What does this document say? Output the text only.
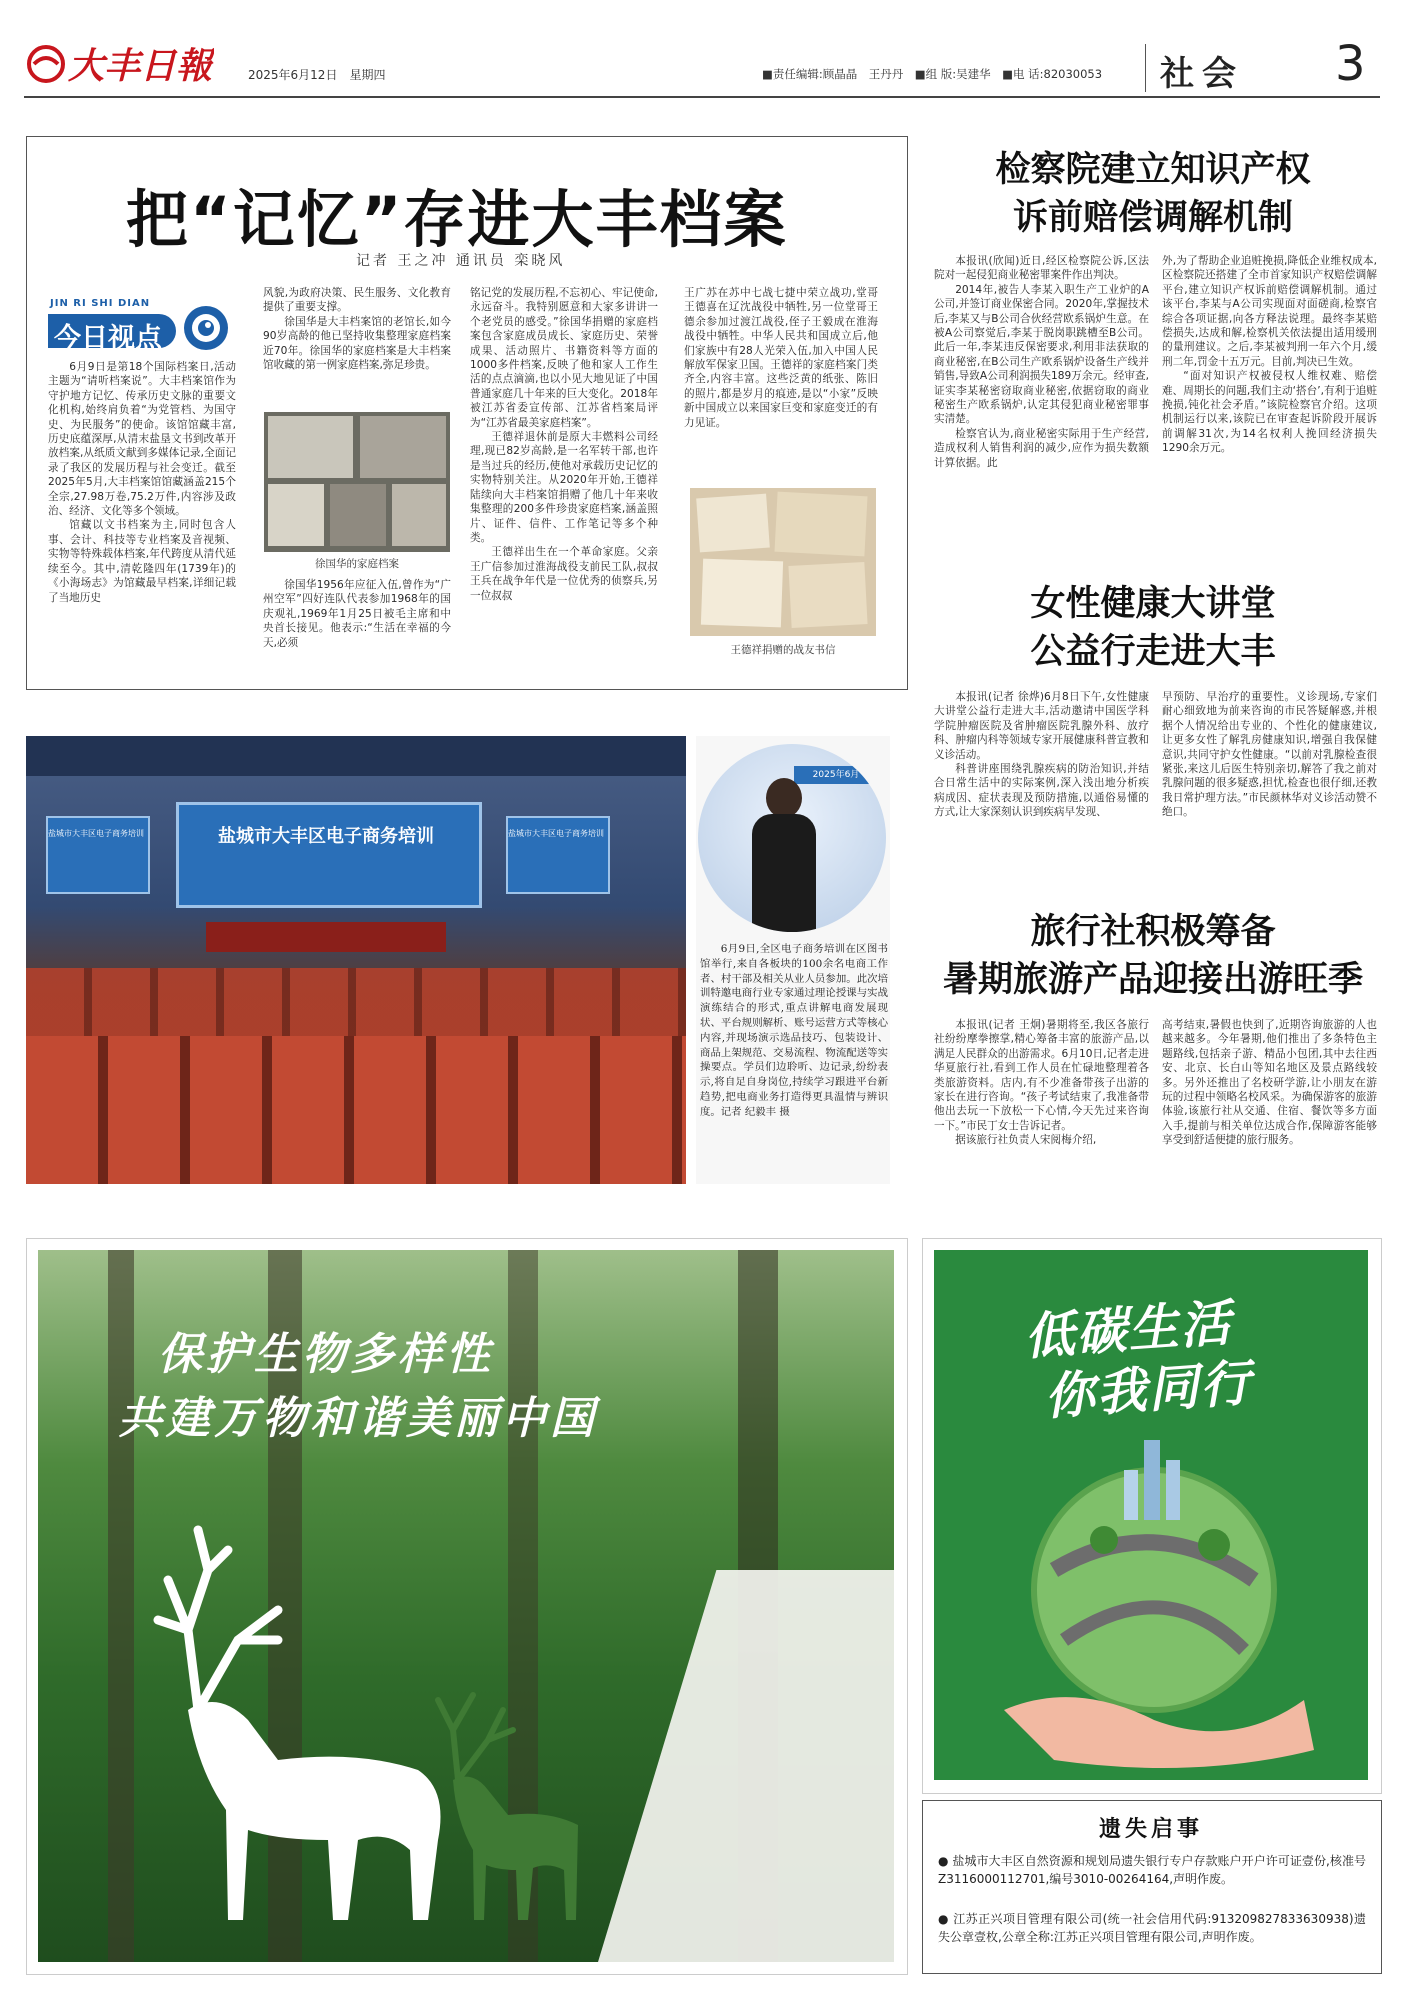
大丰日報	2025年6月12日　星期四	■责任编辑:顾晶晶　王丹丹　■组 版:吴建华　■电 话:82030053 社会 3
把“记忆”存进大丰档案
记者 王之冲 通讯员 栾晓风
JIN RI SHI DIAN
今日视点

6月9日是第18个国际档案日,活动主题为“请听档案说”。大丰档案馆作为守护地方记忆、传承历史文脉的重要文化机构,始终肩负着“为党管档、为国守史、为民服务”的使命。该馆馆藏丰富,历史底蕴深厚,从清末盐垦文书到改革开放档案,从纸质文献到多媒体记录,全面记录了我区的发展历程与社会变迁。截至2025年5月,大丰档案馆馆藏涵盖215个全宗,27.98万卷,75.2万件,内容涉及政治、经济、文化等多个领域。

馆藏以文书档案为主,同时包含人事、会计、科技等专业档案及音视频、实物等特殊载体档案,年代跨度从清代延续至今。其中,清乾隆四年(1739年)的《小海场志》为馆藏最早档案,详细记载了当地历史

风貌,为政府决策、民生服务、文化教育提供了重要支撑。

徐国华是大丰档案馆的老馆长,如今90岁高龄的他已坚持收集整理家庭档案近70年。徐国华的家庭档案是大丰档案馆收藏的第一例家庭档案,弥足珍贵。

徐国华的家庭档案

徐国华1956年应征入伍,曾作为“广州空军”四好连队代表参加1968年的国庆观礼,1969年1月25日被毛主席和中央首长接见。他表示:“生活在幸福的今天,必须

铭记党的发展历程,不忘初心、牢记使命,永远奋斗。我特别愿意和大家多讲讲一个老党员的感受。”徐国华捐赠的家庭档案包含家庭成员成长、家庭历史、荣誉成果、活动照片、书籍资料等方面的1000多件档案,反映了他和家人工作生活的点点滴滴,也以小见大地见证了中国普通家庭几十年来的巨大变化。2018年被江苏省委宣传部、江苏省档案局评为“江苏省最美家庭档案”。

王德祥退休前是原大丰燃料公司经理,现已82岁高龄,是一名军转干部,也许是当过兵的经历,使他对承载历史记忆的实物特别关注。从2020年开始,王德祥陆续向大丰档案馆捐赠了他几十年来收集整理的200多件珍贵家庭档案,涵盖照片、证件、信件、工作笔记等多个种类。

王德祥出生在一个革命家庭。父亲王广信参加过淮海战役支前民工队,叔叔王兵在战争年代是一位优秀的侦察兵,另一位叔叔

王广苏在苏中七战七捷中荣立战功,堂哥王德喜在辽沈战役中牺牲,另一位堂哥王德余参加过渡江战役,侄子王毅成在淮海战役中牺牲。中华人民共和国成立后,他们家族中有28人光荣入伍,加入中国人民解放军保家卫国。王德祥的家庭档案门类齐全,内容丰富。这些泛黄的纸张、陈旧的照片,都是岁月的痕迹,是以“小家”反映新中国成立以来国家巨变和家庭变迁的有力见证。

王德祥捐赠的战友书信
盐城市大丰区电子商务培训
盐城市大丰区电子商务培训	盐城市大丰区电子商务培训
2025年6月
6月9日,全区电子商务培训在区图书馆举行,来自各板块的100余名电商工作者、村干部及相关从业人员参加。此次培训特邀电商行业专家通过理论授课与实战演练结合的形式,重点讲解电商发展现状、平台规则解析、账号运营方式等核心内容,并现场演示选品技巧、包装设计、商品上架规范、交易流程、物流配送等实操要点。学员们边聆听、边记录,纷纷表示,将自足自身岗位,持续学习跟进平台新趋势,把电商业务打造得更具温情与辨识度。记者 纪毅丰 摄
检察院建立知识产权
诉前赔偿调解机制

本报讯(欣闻)近日,经区检察院公诉,区法院对一起侵犯商业秘密罪案件作出判决。

2014年,被告人李某入职生产工业炉的A公司,并签订商业保密合同。2020年,掌握技术后,李某又与B公司合伙经营欧系锅炉生意。在被A公司察觉后,李某于脱岗职跳槽至B公司。此后一年,李某违反保密要求,利用非法获取的商业秘密,在B公司生产欧系锅炉设备生产线并销售,导致A公司利润损失189万余元。经审查,证实李某秘密窃取商业秘密,依据窃取的商业秘密生产欧系锅炉,认定其侵犯商业秘密罪事实清楚。

检察官认为,商业秘密实际用于生产经营,造成权利人销售利润的减少,应作为损失数额计算依据。此

外,为了帮助企业追赃挽损,降低企业维权成本,区检察院还搭建了全市首家知识产权赔偿调解平台,建立知识产权诉前赔偿调解机制。通过该平台,李某与A公司实现面对面磋商,检察官综合各项证据,向各方释法说理。最终李某赔偿损失,达成和解,检察机关依法提出适用缓刑的量刑建议。之后,李某被判刑一年六个月,缓刑二年,罚金十五万元。目前,判决已生效。

“面对知识产权被侵权人维权难、赔偿难、周期长的问题,我们主动‘搭台’,有利于追赃挽损,钝化社会矛盾。”该院检察官介绍。这项机制运行以来,该院已在审查起诉阶段开展诉前调解31次,为14名权利人挽回经济损失1290余万元。

女性健康大讲堂
公益行走进大丰

本报讯(记者 徐烨)6月8日下午,女性健康大讲堂公益行走进大丰,活动邀请中国医学科学院肿瘤医院及省肿瘤医院乳腺外科、放疗科、肿瘤内科等领域专家开展健康科普宣教和义诊活动。

科普讲座围绕乳腺疾病的防治知识,并结合日常生活中的实际案例,深入浅出地分析疾病成因、症状表现及预防措施,以通俗易懂的方式,让大家深刻认识到疾病早发现、

早预防、早治疗的重要性。义诊现场,专家们耐心细致地为前来咨询的市民答疑解惑,并根据个人情况给出专业的、个性化的健康建议,让更多女性了解乳房健康知识,增强自我保健意识,共同守护女性健康。“以前对乳腺检查很紧张,来这儿后医生特别亲切,解答了我之前对乳腺问题的很多疑惑,担忧,检查也很仔细,还教我日常护理方法。”市民颜林华对义诊活动赞不绝口。

旅行社积极筹备
暑期旅游产品迎接出游旺季

本报讯(记者 王炯)暑期将至,我区各旅行社纷纷摩拳擦掌,精心筹备丰富的旅游产品,以满足人民群众的出游需求。6月10日,记者走进华夏旅行社,看到工作人员在忙碌地整理着各类旅游资料。店内,有不少准备带孩子出游的家长在进行咨询。“孩子考试结束了,我准备带他出去玩一下放松一下心情,今天先过来咨询一下。”市民丁女士告诉记者。

据该旅行社负责人宋阅梅介绍,

高考结束,暑假也快到了,近期咨询旅游的人也越来越多。今年暑期,他们推出了多条特色主题路线,包括亲子游、精品小包团,其中去往西安、北京、长白山等知名地区及景点路线较多。另外还推出了名校研学游,让小朋友在游玩的过程中领略名校风采。为确保游客的旅游体验,该旅行社从交通、住宿、餐饮等多方面入手,提前与相关单位达成合作,保障游客能够享受到舒适便捷的旅行服务。

保护生物多样性
共建万物和谐美丽中国
低碳生活
你我同行
遗失启事
● 盐城市大丰区自然资源和规划局遗失银行专户存款账户开户许可证壹份,核准号Z3116000112701,编号3010-00264164,声明作废。
● 江苏正兴项目管理有限公司(统一社会信用代码:913209827833630938)遗失公章壹枚,公章全称:江苏正兴项目管理有限公司,声明作废。
